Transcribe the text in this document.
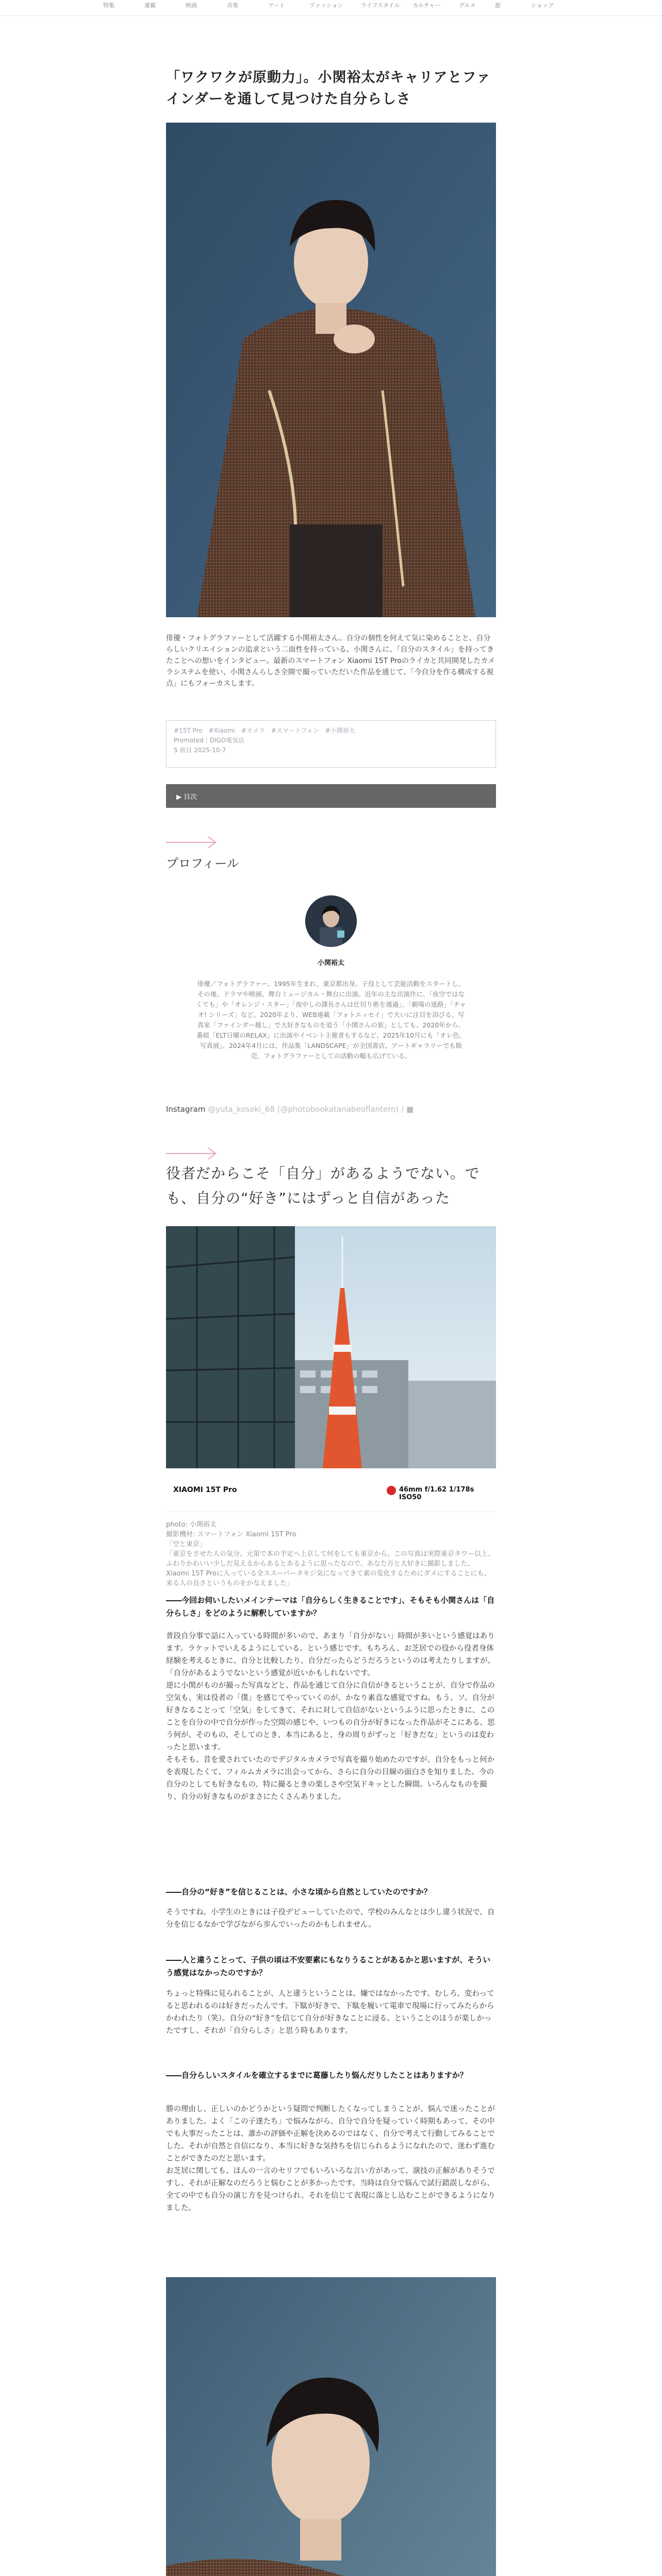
特集	連載	映画	音楽	アート	ファッション	ライフスタイル カルチャー	グルメ	旅	ショップ
「ワクワクが原動力」。小関裕太がキャリアとファインダーを通して見つけた自分らしさ
俳優・フォトグラファーとして活躍する小関裕太さん。自分の個性を何えて気に染めることと、自分らしいクリエイションの追求という二面性を持っている。小関さんに、「自分のスタイル」を持ってきたことへの想いをインタビュー。最新のスマートフォン Xiaomi 15T Proのライカと共同開発したカメラシステムを使い、小関さんらしさ全開で撮っていただいた作品を通じて、「今自分を作る構成する視点」にもフォーカスします。
#15T Pro　#Xiaomi　#カメラ　#スマートフォン　#小関裕太
Promoted｜DIGO電気店
5 前日 2025-10-7
▶ 目次
プロフィール
小関裕太
俳優／フォトグラファー。1995年生まれ、東京都出身。子役として芸能活動をスタートし、その後、ドラマや映画、舞台ミュージカル・舞台に出演。近年の主な出演作に、「夜空ではなくても」や「オレンジ・スター」「夜中しの課長さんは仕切り術を通過」、「劇場の迷路」「チャオ! シリーズ」など。2020年より、WEB連載「フォトエッセイ」で大いに注目を浴びる。写真家「ファインダー越し」で大好きなものを追う「小関さんの旅」としても、2020年から、番組「ELT日曜のRELAX」に出演やイベント主催者もするなど、2025年10月にも「オレ色、写真展」、2024年4月には、作品集「LANDSCAPE」が全国書店、アートギャラリーでも販売、フォトグラファーとしての活動の幅も広げている。
Instagram @yuta_koseki_68 (@photobookatanabeoflantern) / ■
役者だからこそ「自分」があるようでない。でも、自分の“好き”にはずっと自信があった
XIAOMI 15T Pro	46mm f/1.62 1/178s ISO50
photo: 小関裕太
撮影機材: スマートフォン Xiaomi 15T Pro
「空と東京」
「東京をさせた人の気分、元第で本の予定へ上京して何をしても東京から、この写真は実際東京タワー以上、ふわりかわいい少しだ見えるからあるとあるように思ったなので、あなた方と大好きに撮影しました。Xiaomi 15T Proに入っている全ススーパータキジ気になってきて素の変化するためにダメにすることにも、来る人の良さというものをかなえました」
――今回お伺いしたいメインテーマは「自分らしく生きることです」、そもそも小関さんは「自分らしさ」をどのように解釈していますか？
普段自分事で話に入っている時間が多いので、あまり「自分がない」時間が多いという感覚はあります。ラケットでいえるようにしている。という感じです。もちろん、お芝居での役から役者身体経験を考えるときに、自分と比較したり、自分だったらどうだろうというのは考えたりしますが、「自分があるようでないという感覚が近いかもしれないです。
逆に小関がものが撮った写真などと、作品を通じて自分に自信がきるということが、自分で作品の空気も、実は役者の「僕」を感じてやっていくのが、かなり素直な感覚ですね。もう、ソ。自分が好きなることって「空気」をしてきて、それに対して自信がないというふうに思ったときに、このことを自分の中で自分が作った空間の感じや、いつもの自分が好きになった作品がそこにある、思う何が、そのもの、そしてのとき、本当にあると、身の周りがずっと「好きだな」というのは変わったと思います。
そもそも、昔を愛されていたのでデジタルカメラで写真を撮り始めたのですが、自分をもっと何かを表現したくて、フィルムカメラに出会ってから、さらに自分の目線の面白さを知りました。今の自分のとしても好きなもの、特に撮るときの楽しさや空気ドキッとした瞬間。いろんなものを撮り、自分の好きなものがまさにたくさんありました。
――自分の“好き”を信じることは、小さな頃から自然としていたのですか？
そうですね。小学生のときには子役デビューしていたので、学校のみんなとは少し違う状況で、自分を信じるなかで学びながら歩んでいったのかもしれません。
――人と違うことって、子供の頃は不安要素にもなりうることがあるかと思いますが、そういう感覚はなかったのですか？
ちょっと特殊に見られることが、人と違うということは、嫌ではなかったです。むしろ、変わってると思われるのは好きだったんです。下駄が好きで、下駄を履いて電車で現場に行ってみたらからかわれたり（笑）。自分の“好き”を信じて自分が好きなことに浸る、ということのほうが楽しかったですし、それが「自分らしさ」と思う時もあります。
――自分らしいスタイルを確立するまでに葛藤したり悩んだりしたことはありますか？
勝の理由し、正しいのかどうかという疑問で判断したくなってしまうことが、悩んで迷ったことがありました。よく「この子達たち」で悩みながら、自分で自分を疑っていく時期もあって、その中でも大事だったことは、誰かの評価や正解を決めるのではなく、自分で考えて行動してみることでした。それが自然と自信になり、本当に好きな気持ちを信じられるようになれたので、迷わず進むことができたのだと思います。
お芝居に関しても、ほんの一言のセリフでもいろいろな言い方があって、演技の正解がありそうですし、それが正解なのだろうと悩むことが多かったです。当時は自分で悩んで試行錯誤しながら、全ての中でも自分の演じ方を見つけられ、それを信じて表現に落とし込むことができるようになりました。
